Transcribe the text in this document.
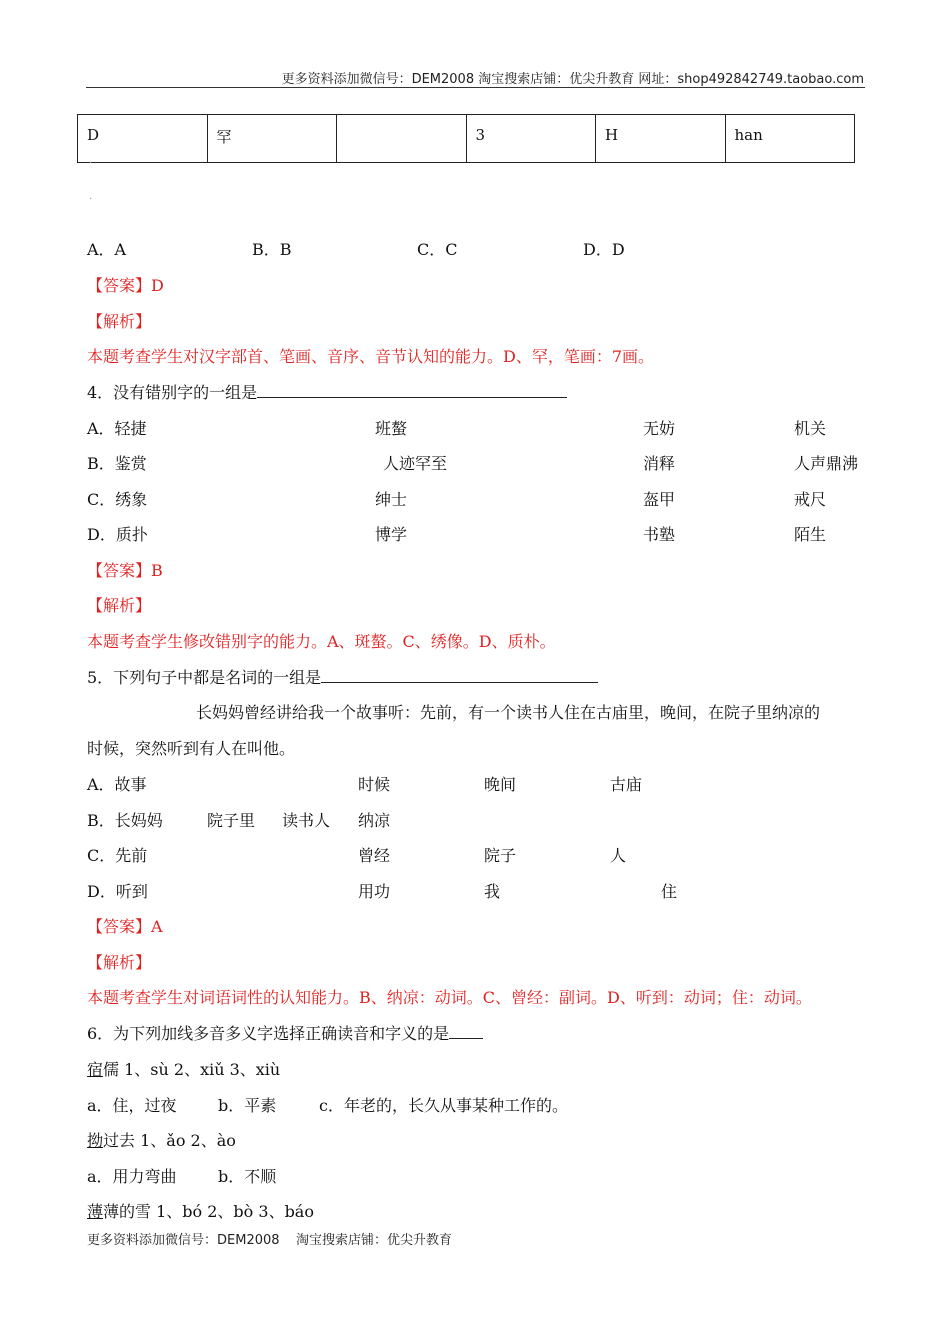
更多资料添加微信号：DEM2008 淘宝搜索店铺：优尖升教育 网址：shop492842749.taobao.com
D	罕		3	H	han
.
.
A．A	B．B	C．C	D．D
【答案】D
【解析】
本题考查学生对汉字部首、笔画、音序、音节认知的能力。D、罕，笔画：7画。
4．没有错别字的一组是
A．轻捷	班螯	无妨	机关
B．鉴赏	人迹罕至	消释	人声鼎沸
C．绣象	绅士	盔甲	戒尺
D．质扑	博学	书塾	陌生
【答案】B
【解析】
本题考查学生修改错别字的能力。A、斑螯。C、绣像。D、质朴。
5．下列句子中都是名词的一组是
长妈妈曾经讲给我一个故事听：先前，有一个读书人住在古庙里，晚间，在院子里纳凉的
时候，突然听到有人在叫他。
A．故事	时候	晚间	古庙
B．长妈妈	院子里 读书人 纳凉
C．先前	曾经	院子	人
D．听到	用功	我	住
【答案】A
【解析】
本题考查学生对词语词性的认知能力。B、纳凉：动词。C、曾经：副词。D、听到：动词；住：动词。
6．为下列加线多音多义字选择正确读音和字义的是
宿儒 1、sù 2、xiǔ 3、xiù
a．住，过夜	b．平素	c．年老的，长久从事某种工作的。
拗过去 1、ǎo 2、ào
a．用力弯曲	b．不顺
薄薄的雪 1、bó 2、bò 3、báo
更多资料添加微信号：DEM2008    淘宝搜索店铺：优尖升教育
